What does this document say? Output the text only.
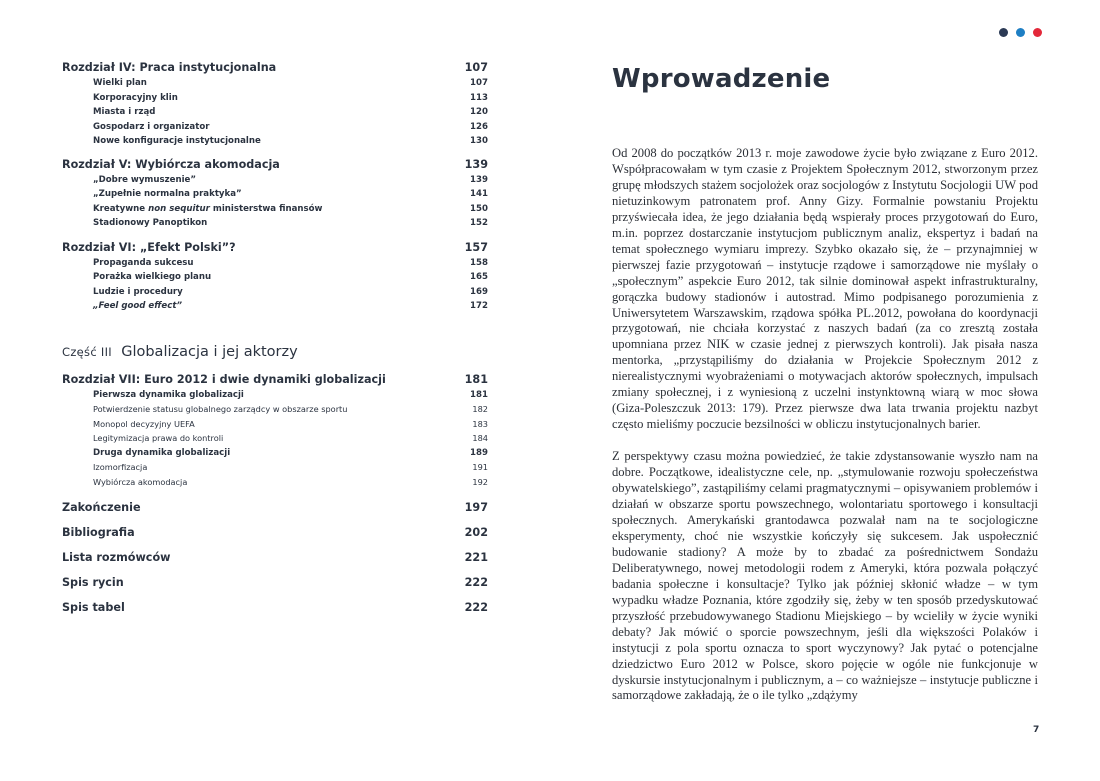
Rozdział IV: Praca instytucjonalna	107
Wielki plan	107
Korporacyjny klin	113
Miasta i rząd	120
Gospodarz i organizator	126
Nowe konfiguracje instytucjonalne	130
Rozdział V: Wybiórcza akomodacja	139
„Dobre wymuszenie”	139
„Zupełnie normalna praktyka”	141
Kreatywne non sequitur ministerstwa finansów	150
Stadionowy Panoptikon	152
Rozdział VI: „Efekt Polski”?	157
Propaganda sukcesu	158
Porażka wielkiego planu	165
Ludzie i procedury	169
„Feel good effect”	172
Część III Globalizacja i jej aktorzy
Rozdział VII: Euro 2012 i dwie dynamiki globalizacji	181
Pierwsza dynamika globalizacji	181
Potwierdzenie statusu globalnego zarządcy w obszarze sportu	182
Monopol decyzyjny UEFA	183
Legitymizacja prawa do kontroli	184
Druga dynamika globalizacji	189
Izomorfizacja	191
Wybiórcza akomodacja	192
Zakończenie	197
Bibliografia	202
Lista rozmówców	221
Spis rycin	222
Spis tabel	222
Wprowadzenie

Od 2008 do początków 2013 r. moje zawodowe życie było związane z Euro 2012. Współpracowałam w tym czasie z Projektem Społecznym 2012, stworzonym przez grupę młodszych stażem socjolożek oraz socjologów z Instytutu Socjologii UW pod nietuzinkowym patronatem prof. Anny Gizy. Formalnie powstaniu Projektu przyświecała idea, że jego działania będą wspierały proces przygotowań do Euro, m.in. poprzez dostarczanie instytucjom publicznym analiz, ekspertyz i badań na temat społecznego wymiaru imprezy. Szybko okazało się, że – przynajmniej w pierwszej fazie przygotowań – instytucje rządowe i samorządowe nie myślały o „społecznym” aspekcie Euro 2012, tak silnie dominował aspekt infrastrukturalny, gorączka budowy stadionów i autostrad. Mimo podpisanego porozumienia z Uniwersytetem Warszawskim, rządowa spółka PL.2012, powołana do koordynacji przygotowań, nie chciała korzystać z naszych badań (za co zresztą została upomniana przez NIK w czasie jednej z pierwszych kontroli). Jak pisała nasza mentorka, „przystąpiliśmy do działania w Projekcie Społecznym 2012 z nierealistycznymi wyobrażeniami o motywacjach aktorów społecznych, impulsach zmiany społecznej, i z wyniesioną z uczelni instynktowną wiarą w moc słowa (Giza-Poleszczuk 2013: 179). Przez pierwsze dwa lata trwania projektu nazbyt często mieliśmy poczucie bezsilności w obliczu instytucjonalnych barier.

Z perspektywy czasu można powiedzieć, że takie zdystansowanie wyszło nam na dobre. Początkowe, idealistyczne cele, np. „stymulowanie rozwoju społeczeństwa obywatelskiego”, zastąpiliśmy celami pragmatycznymi – opisywaniem problemów i działań w obszarze sportu powszechnego, wolontariatu sportowego i konsultacji społecznych. Amerykański grantodawca pozwalał nam na te socjologiczne eksperymenty, choć nie wszystkie kończyły się sukcesem. Jak uspołecznić budowanie stadiony? A może by to zbadać za pośrednictwem Sondażu Deliberatywnego, nowej metodologii rodem z Ameryki, która pozwala połączyć badania społeczne i konsultacje? Tylko jak później skłonić władze – w tym wypadku władze Poznania, które zgodziły się, żeby w ten sposób przedyskutować przyszłość przebudowywanego Stadionu Miejskiego – by wcieliły w życie wyniki debaty? Jak mówić o sporcie powszechnym, jeśli dla większości Polaków i instytucji z pola sportu oznacza to sport wyczynowy? Jak pytać o potencjalne dziedzictwo Euro 2012 w Polsce, skoro pojęcie w ogóle nie funkcjonuje w dyskursie instytucjonalnym i publicznym, a – co ważniejsze – instytucje publiczne i samorządowe zakładają, że o ile tylko „zdążymy

7
